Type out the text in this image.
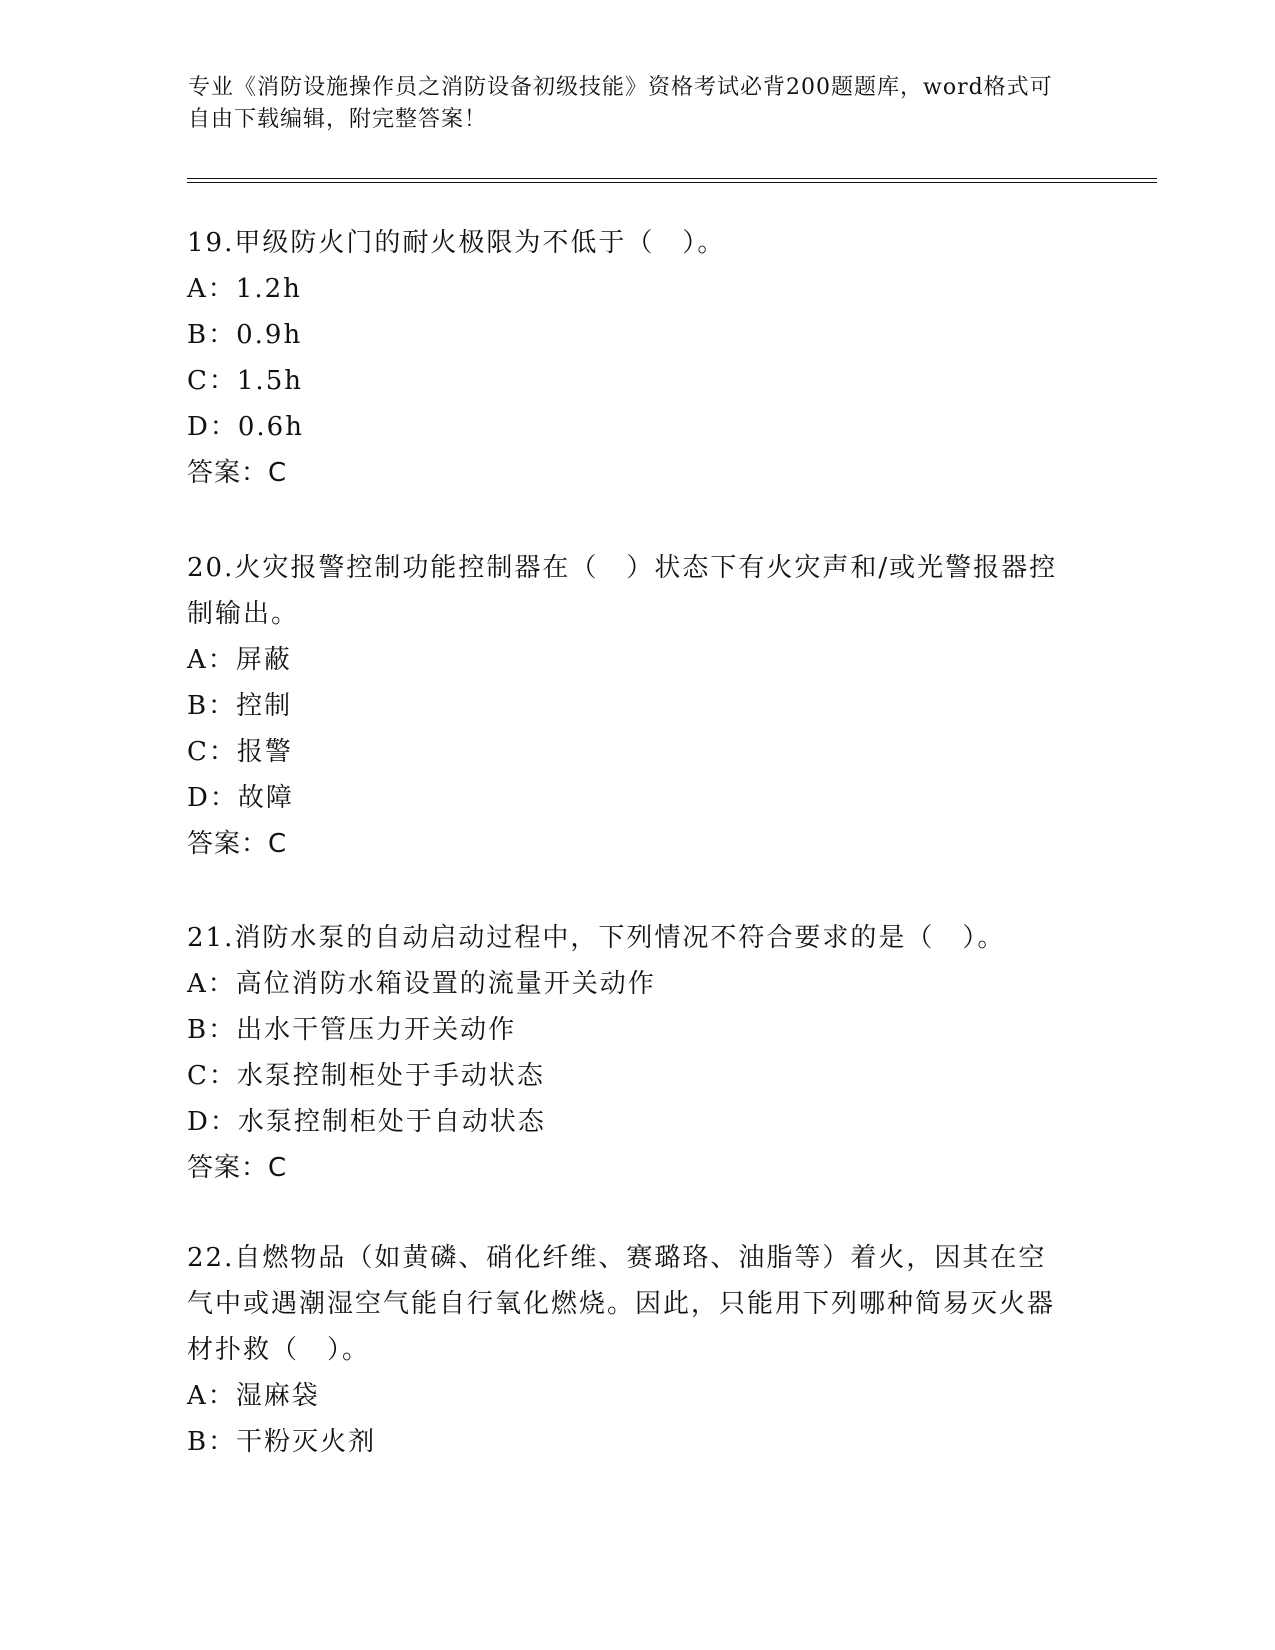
专业《消防设施操作员之消防设备初级技能》资格考试必背200题题库，word格式可自由下载编辑，附完整答案！
19.甲级防火门的耐火极限为不低于（　）。
A：1.2h
B：0.9h
C：1.5h
D：0.6h
答案：C
20.火灾报警控制功能控制器在（　）状态下有火灾声和/或光警报器控制输出。
A：屏蔽
B：控制
C：报警
D：故障
答案：C
21.消防水泵的自动启动过程中，下列情况不符合要求的是（　）。
A：高位消防水箱设置的流量开关动作
B：出水干管压力开关动作
C：水泵控制柜处于手动状态
D：水泵控制柜处于自动状态
答案：C
22.自燃物品（如黄磷、硝化纤维、赛璐珞、油脂等）着火，因其在空气中或遇潮湿空气能自行氧化燃烧。因此，只能用下列哪种简易灭火器材扑救（　）。
A：湿麻袋
B：干粉灭火剂
